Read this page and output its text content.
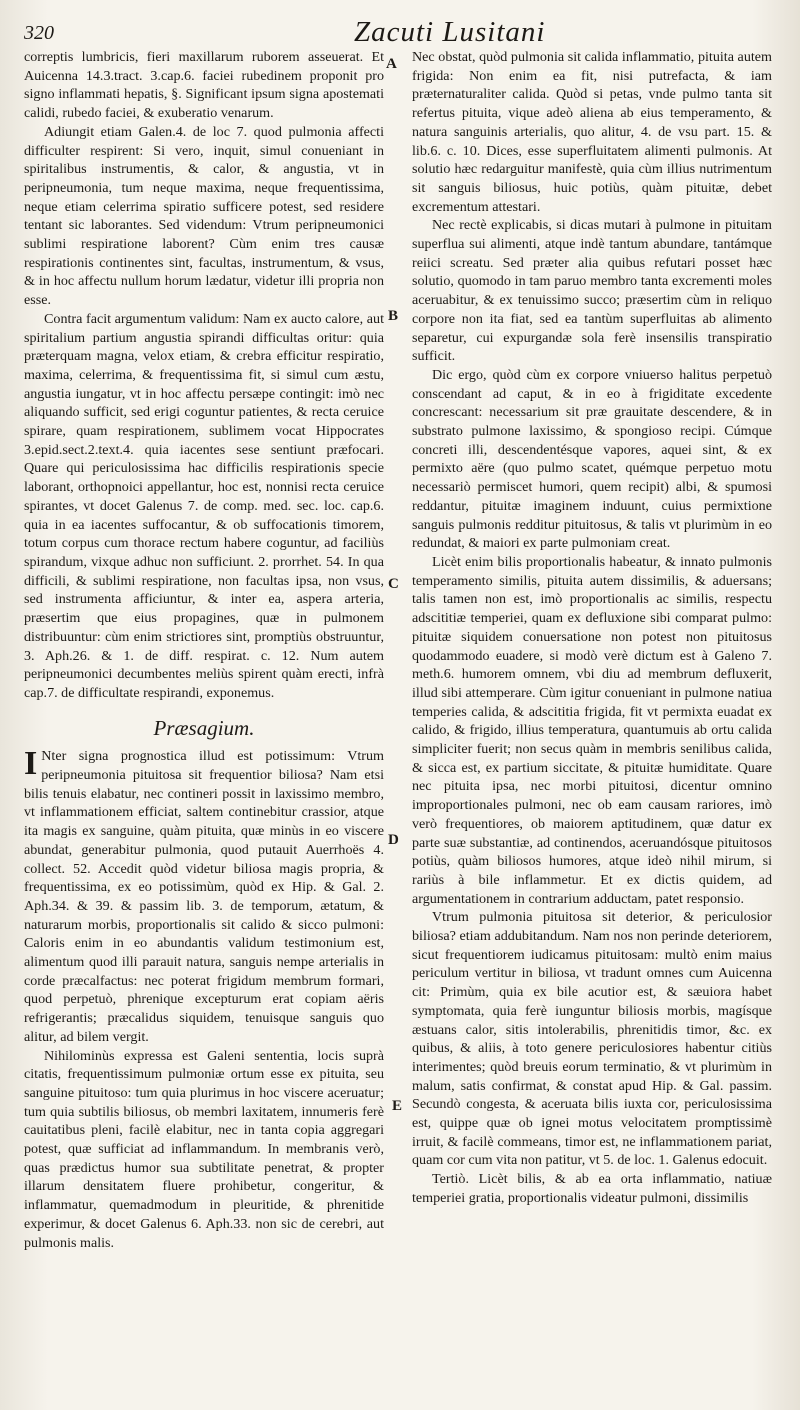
320	Zacuti Lusitani
A
B
C
D
E

correptis lumbricis, fieri maxillarum ruborem asseuerat. Et Auicenna 14.3.tract. 3.cap.6. faciei rubedinem proponit pro signo inflammati hepatis, §. Significant ipsum signa apostemati calidi, rubedo faciei, & exuberatio venarum.

Adiungit etiam Galen.4. de loc 7. quod pulmonia affecti difficulter respirent: Si vero, inquit, simul conueniant in spiritalibus instrumentis, & calor, & angustia, vt in peripneumonia, tum neque maxima, neque frequentissima, neque etiam celerrima spiratio sufficere potest, sed residere tentant sic laborantes. Sed videndum: Vtrum peripneumonici sublimi respiratione laborent? Cùm enim tres causæ respirationis continentes sint, facultas, instrumentum, & vsus, & in hoc affectu nullum horum lædatur, videtur illi propria non esse.

Contra facit argumentum validum: Nam ex aucto calore, aut spiritalium partium angustia spirandi difficultas oritur: quia præterquam magna, velox etiam, & crebra efficitur respiratio, maxima, celerrima, & frequentissima fit, si simul cum æstu, angustia iungatur, vt in hoc affectu persæpe contingit: imò nec aliquando sufficit, sed erigi coguntur patientes, & recta ceruice spirare, quam respirationem, sublimem vocat Hippocrates 3.epid.sect.2.text.4. quia iacentes sese sentiunt præfocari. Quare qui periculosissima hac difficilis respirationis specie laborant, orthopnoici appellantur, hoc est, nonnisi recta ceruice spirantes, vt docet Galenus 7. de comp. med. sec. loc. cap.6. quia in ea iacentes suffocantur, & ob suffocationis timorem, totum corpus cum thorace rectum habere coguntur, ad faciliùs spirandum, vixque adhuc non sufficiunt. 2. prorrhet. 54. In qua difficili, & sublimi respiratione, non facultas ipsa, non vsus, sed instrumenta afficiuntur, & inter ea, aspera arteria, præsertim que eius propagines, quæ in pulmonem distribuuntur: cùm enim strictiores sint, promptiùs obstruuntur, 3. Aph.26. & 1. de diff. respirat. c. 12. Num autem peripneumonici decumbentes meliùs spirent quàm erecti, infrà cap.7. de difficultate respirandi, exponemus.

Præsagium.
I Nter signa prognostica illud est potissimum: Vtrum peripneumonia pituitosa sit frequentior biliosa? Nam etsi bilis tenuis elabatur, nec contineri possit in laxissimo membro, vt inflammationem efficiat, saltem continebitur crassior, atque ita magis ex sanguine, quàm pituita, quæ minùs in eo viscere abundat, generabitur pulmonia, quod putauit Auerrhoës 4. collect. 52. Accedit quòd videtur biliosa magis propria, & frequentissima, ex eo potissimùm, quòd ex Hip. & Gal. 2. Aph.34. & 39. & passim lib. 3. de temporum, ætatum, & naturarum morbis, proportionalis sit calido & sicco pulmoni: Caloris enim in eo abundantis validum testimonium est, alimentum quod illi parauit natura, sanguis nempe arterialis in corde præcalfactus: nec poterat frigidum membrum formari, quod perpetuò, phrenique excepturum erat copiam aëris refrigerantis; præcalidus siquidem, tenuisque sanguis quo alitur, ad bilem vergit.

Nihilominùs expressa est Galeni sententia, locis suprà citatis, frequentissimum pulmoniæ ortum esse ex pituita, seu sanguine pituitoso: tum quia plurimus in hoc viscere aceruatur; tum quia subtilis biliosus, ob membri laxitatem, innumeris ferè cauitatibus pleni, facilè elabitur, nec in tanta copia aggregari potest, quæ sufficiat ad inflammandum. In membranis verò, quas prædictus humor sua subtilitate penetrat, & propter illarum densitatem fluere prohibetur, congeritur, & inflammatur, quemadmodum in pleuritide, & phrenitide experimur, & docet Galenus 6. Aph.33. non sic de cerebri, aut pulmonis malis.

Nec obstat, quòd pulmonia sit calida inflammatio, pituita autem frigida: Non enim ea fit, nisi putrefacta, & iam præternaturaliter calida. Quòd si petas, vnde pulmo tanta sit refertus pituita, vique adeò aliena ab eius temperamento, & natura sanguinis arterialis, quo alitur, 4. de vsu part. 15. & lib.6. c. 10. Dices, esse superfluitatem alimenti pulmonis. At solutio hæc redarguitur manifestè, quia cùm illius nutrimentum sit sanguis biliosus, huic potiùs, quàm pituitæ, debet excrementum attestari.

Nec rectè explicabis, si dicas mutari à pulmone in pituitam superflua sui alimenti, atque indè tantum abundare, tantámque reiici screatu. Sed præter alia quibus refutari posset hæc solutio, quomodo in tam paruo membro tanta excrementi moles aceruabitur, & ex tenuissimo succo; præsertim cùm in reliquo corpore non ita fiat, sed ea tantùm superfluitas ab alimento separetur, cui expurgandæ sola ferè insensilis transpiratio sufficit.

Dic ergo, quòd cùm ex corpore vniuerso halitus perpetuò conscendant ad caput, & in eo à frigiditate excedente concrescant: necessarium sit præ grauitate descendere, & in substrato pulmone laxissimo, & spongioso recipi. Cúmque concreti illi, descendentésque vapores, aquei sint, & ex permixto aëre (quo pulmo scatet, quémque perpetuo motu necessariò permiscet humori, quem recipit) albi, & spumosi reddantur, pituitæ imaginem induunt, cuius permixtione sanguis pulmonis redditur pituitosus, & talis vt plurimùm in eo redundat, & maiori ex parte pulmoniam creat.

Licèt enim bilis proportionalis habeatur, & innato pulmonis temperamento similis, pituita autem dissimilis, & aduersans; talis tamen non est, imò proportionalis ac similis, respectu adscititiæ temperiei, quam ex defluxione sibi comparat pulmo: pituitæ siquidem conuersatione non potest non pituitosus quodammodo euadere, si modò verè dictum est à Galeno 7. meth.6. humorem omnem, vbi diu ad membrum defluxerit, illud sibi attemperare. Cùm igitur conueniant in pulmone natiua temperies calida, & adscititia frigida, fit vt permixta euadat ex calido, & frigido, illius temperatura, quantumuis ab ortu calida simpliciter fuerit; non secus quàm in membris senilibus calida, & sicca est, ex partium siccitate, & pituitæ humiditate. Quare nec pituita ipsa, nec morbi pituitosi, dicentur omnino improportionales pulmoni, nec ob eam causam rariores, imò verò frequentiores, ob maiorem aptitudinem, quæ datur ex parte suæ substantiæ, ad continendos, aceruandósque pituitosos potiùs, quàm biliosos humores, atque ideò nihil mirum, si rariùs à bile inflammetur. Et ex dictis quidem, ad argumentationem in contrarium adductam, patet responsio.

Vtrum pulmonia pituitosa sit deterior, & periculosior biliosa? etiam addubitandum. Nam nos non perinde deteriorem, sicut frequentiorem iudicamus pituitosam: multò enim maius periculum vertitur in biliosa, vt tradunt omnes cum Auicenna cit: Primùm, quia ex bile acutior est, & sæuiora habet symptomata, quia ferè iunguntur biliosis morbis, magísque æstuans calor, sitis intolerabilis, phrenitidis timor, &c. ex quibus, & aliis, à toto genere periculosiores habentur citiùs interimentes; quòd breuis eorum terminatio, & vt plurimùm in malum, satis confirmat, & constat apud Hip. & Gal. passim. Secundò congesta, & aceruata bilis iuxta cor, periculosissima est, quippe quæ ob ignei motus velocitatem promptissimè irruit, & facilè commeans, timor est, ne inflammationem pariat, quam cor cum vita non patitur, vt 5. de loc. 1. Galenus edocuit.

Tertiò. Licèt bilis, & ab ea orta inflammatio, natiuæ temperiei gratia, proportionalis videatur pulmoni, dissimilis
